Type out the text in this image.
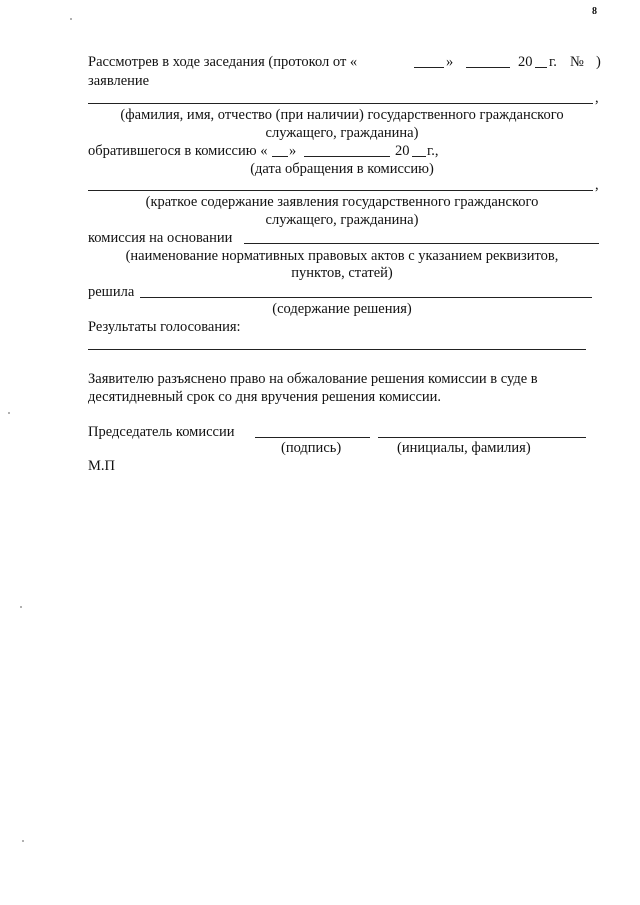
8
Рассмотрев в ходе заседания (протокол от «	»	20 г. № )
заявление
,
(фамилия, имя, отчество (при наличии) государственного гражданского
служащего, гражданина)
обратившегося в комиссию « »	20 г.,
(дата обращения в комиссию)
,
(краткое содержание заявления государственного гражданского
служащего, гражданина)
комиссия на основании
(наименование нормативных правовых актов с указанием реквизитов,
пунктов, статей)
решила
(содержание решения)
Результаты голосования:
Заявителю разъяснено право на обжалование решения комиссии в суде в
десятидневный срок со дня вручения решения комиссии.
Председатель комиссии
(подпись)	(инициалы, фамилия)
М.П
